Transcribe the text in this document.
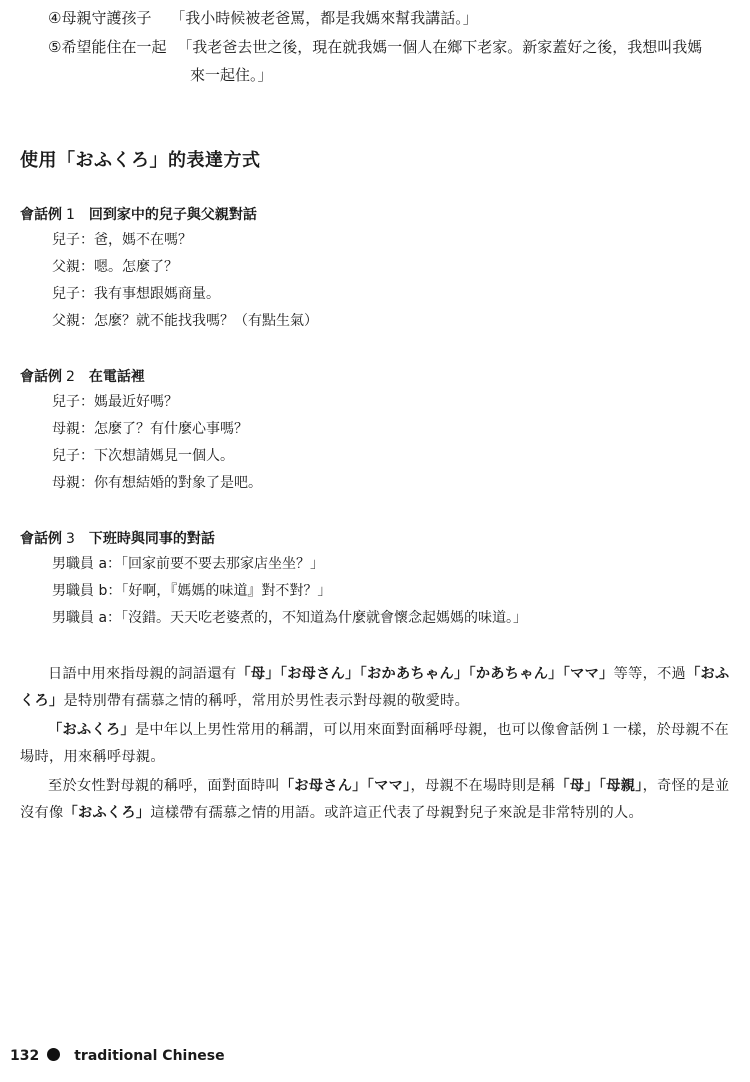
④母親守護孩子 「我小時候被老爸罵，都是我媽來幫我講話。」
⑤希望能住在一起 「我老爸去世之後，現在就我媽一個人在鄉下老家。新家蓋好之後，我想叫我媽
來一起住。」
使用「おふくろ」的表達方式
會話例 1 回到家中的兒子與父親對話
兒子：爸，媽不在嗎？
父親：嗯。怎麼了？
兒子：我有事想跟媽商量。
父親：怎麼？就不能找我嗎？（有點生氣）
會話例 2 在電話裡
兒子：媽最近好嗎？
母親：怎麼了？有什麼心事嗎？
兒子：下次想請媽見一個人。
母親：你有想結婚的對象了是吧。
會話例 3 下班時與同事的對話
男職員 a：「回家前要不要去那家店坐坐？」
男職員 b：「好啊，『媽媽的味道』對不對？」
男職員 a：「沒錯。天天吃老婆煮的，不知道為什麼就會懷念起媽媽的味道。」

日語中用來指母親的詞語還有「母」「お母さん」「おかあちゃん」「かあちゃん」「ママ」等等，不過「おふくろ」是特別帶有孺慕之情的稱呼，常用於男性表示對母親的敬愛時。

「おふくろ」是中年以上男性常用的稱謂，可以用來面對面稱呼母親，也可以像會話例１一樣，於母親不在場時，用來稱呼母親。

至於女性對母親的稱呼，面對面時叫「お母さん」「ママ」，母親不在場時則是稱「母」「母親」，奇怪的是並沒有像「おふくろ」這樣帶有孺慕之情的用語。或許這正代表了母親對兒子來說是非常特別的人。

132	traditional Chinese
